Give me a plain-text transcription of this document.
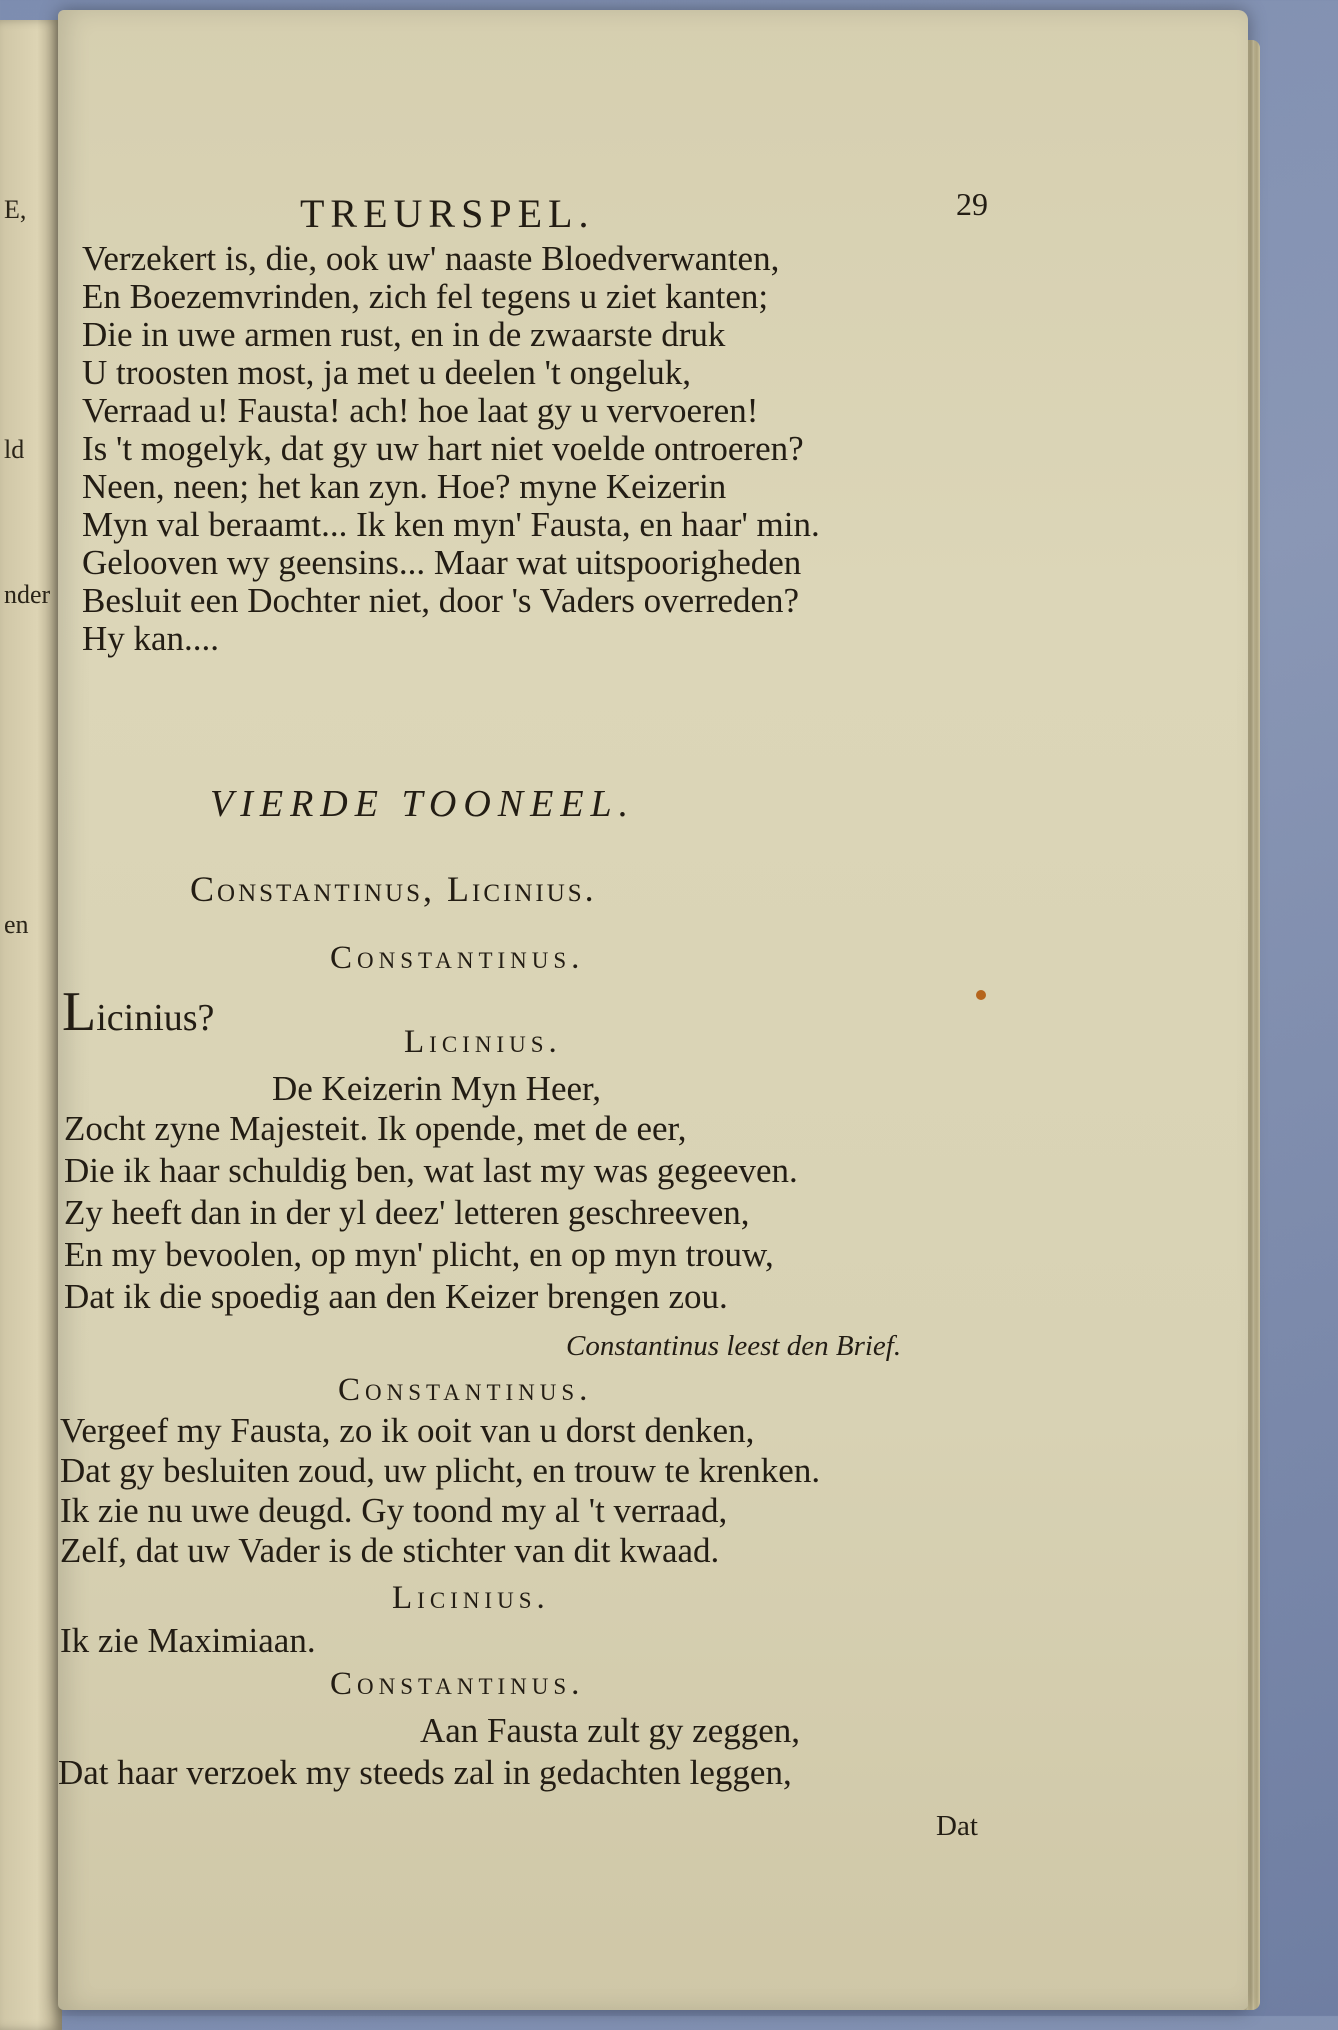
E,
ld
nder
en
TREURSPEL.	29
Verzekert is, die, ook uw' naaste Bloedverwanten,
En Boezemvrinden, zich fel tegens u ziet kanten;
Die in uwe armen rust, en in de zwaarste druk
U troosten most, ja met u deelen 't ongeluk,
Verraad u! Fausta! ach! hoe laat gy u vervoeren!
Is 't mogelyk, dat gy uw hart niet voelde ontroeren?
Neen, neen; het kan zyn. Hoe? myne Keizerin
Myn val beraamt... Ik ken myn' Fausta, en haar' min.
Gelooven wy geensins... Maar wat uitspoorigheden
Besluit een Dochter niet, door 's Vaders overreden?
Hy kan....
VIERDE TOONEEL.
Constantinus, Licinius.
Constantinus.
Licinius?
Licinius.
De Keizerin Myn Heer,
Zocht zyne Majesteit. Ik opende, met de eer,
Die ik haar schuldig ben, wat last my was gegeeven.
Zy heeft dan in der yl deez' letteren geschreeven,
En my bevoolen, op myn' plicht, en op myn trouw,
Dat ik die spoedig aan den Keizer brengen zou.
Constantinus leest den Brief.
Constantinus.
Vergeef my Fausta, zo ik ooit van u dorst denken,
Dat gy besluiten zoud, uw plicht, en trouw te krenken.
Ik zie nu uwe deugd. Gy toond my al 't verraad,
Zelf, dat uw Vader is de stichter van dit kwaad.
Licinius.
Ik zie Maximiaan.
Constantinus.
Aan Fausta zult gy zeggen,
Dat haar verzoek my steeds zal in gedachten leggen,
Dat
